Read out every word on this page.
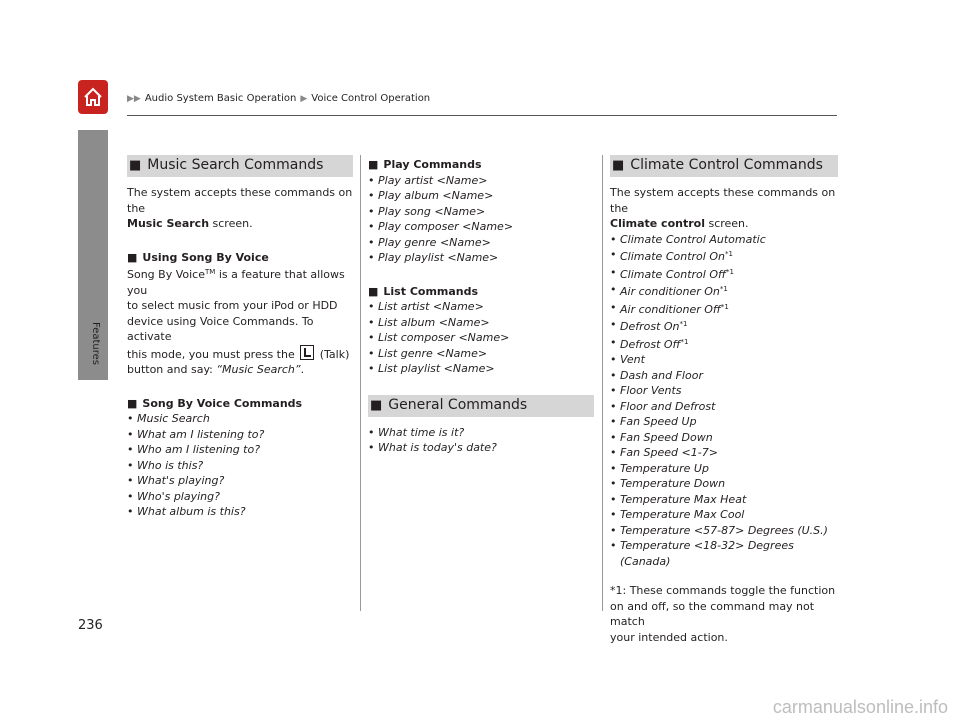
Features
▶▶ Audio System Basic Operation ▶ Voice Control Operation
■ Music Search Commands
The system accepts these commands on the
Music Search screen.
■ Using Song By Voice
Song By Voice™ is a feature that allows you
to select music from your iPod or HDD
device using Voice Commands. To activate
this mode, you must press the  (Talk)
button and say: “Music Search”.
■ Song By Voice Commands
• Music Search
• What am I listening to?
• Who am I listening to?
• Who is this?
• What's playing?
• Who's playing?
• What album is this?
■ Play Commands
• Play artist <Name>
• Play album <Name>
• Play song <Name>
• Play composer <Name>
• Play genre <Name>
• Play playlist <Name>
■ List Commands
• List artist <Name>
• List album <Name>
• List composer <Name>
• List genre <Name>
• List playlist <Name>
■ General Commands
• What time is it?
• What is today's date?
■ Climate Control Commands
The system accepts these commands on the
Climate control screen.
• Climate Control Automatic
• Climate Control On$^{*1}$
• Climate Control Off$^{*1}$
• Air conditioner On$^{*1}$
• Air conditioner Off$^{*1}$
• Defrost On$^{*1}$
• Defrost Off$^{*1}$
• Vent
• Dash and Floor
• Floor Vents
• Floor and Defrost
• Fan Speed Up
• Fan Speed Down
• Fan Speed <1-7>
• Temperature Up
• Temperature Down
• Temperature Max Heat
• Temperature Max Cool
• Temperature <57-87> Degrees (U.S.)
• Temperature <18-32> Degrees (Canada)
*1: These commands toggle the function
on and off, so the command may not match
your intended action.
236
carmanualsonline.info
